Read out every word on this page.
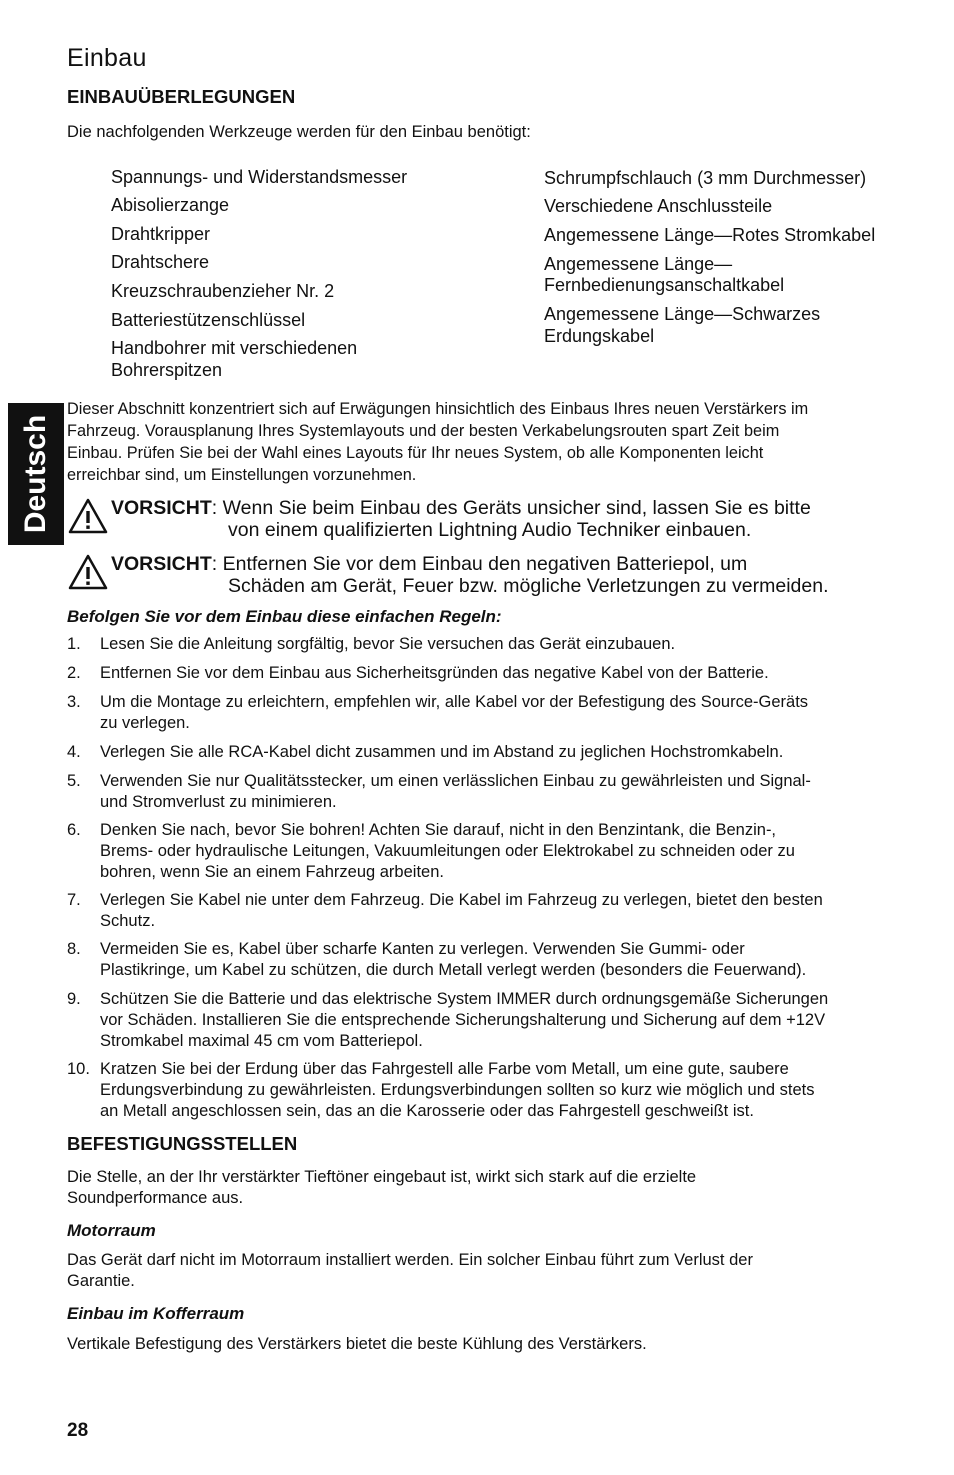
Einbau
Deutsch
EINBAUÜBERLEGUNGEN
Die nachfolgenden Werkzeuge werden für den Einbau benötigt:
Spannungs- und Widerstandsmesser
Abisolierzange
Drahtkripper
Drahtschere
Kreuzschraubenzieher Nr. 2
Batteriestützenschlüssel
Handbohrer mit verschiedenen
Bohrerspitzen
Schrumpfschlauch (3 mm Durchmesser)
Verschiedene Anschlussteile
Angemessene Länge—Rotes Stromkabel
Angemessene Länge—
Fernbedienungsanschaltkabel
Angemessene Länge—Schwarzes
Erdungskabel
Dieser Abschnitt konzentriert sich auf Erwägungen hinsichtlich des Einbaus Ihres neuen Verstärkers im
Fahrzeug. Vorausplanung Ihres Systemlayouts und der besten Verkabelungsrouten spart Zeit beim
Einbau. Prüfen Sie bei der Wahl eines Layouts für Ihr neues System, ob alle Komponenten leicht
erreichbar sind, um Einstellungen vorzunehmen.
VORSICHT: Wenn Sie beim Einbau des Geräts unsicher sind, lassen Sie es bitte
von einem qualifizierten Lightning Audio Techniker einbauen.
VORSICHT: Entfernen Sie vor dem Einbau den negativen Batteriepol, um
Schäden am Gerät, Feuer bzw. mögliche Verletzungen zu vermeiden.
Befolgen Sie vor dem Einbau diese einfachen Regeln:
1. Lesen Sie die Anleitung sorgfältig, bevor Sie versuchen das Gerät einzubauen.
2. Entfernen Sie vor dem Einbau aus Sicherheitsgründen das negative Kabel von der Batterie.
3. Um die Montage zu erleichtern, empfehlen wir, alle Kabel vor der Befestigung des Source-Geräts
zu verlegen.
4. Verlegen Sie alle RCA-Kabel dicht zusammen und im Abstand zu jeglichen Hochstromkabeln.
5. Verwenden Sie nur Qualitätsstecker, um einen verlässlichen Einbau zu gewährleisten und Signal-
und Stromverlust zu minimieren.
6. Denken Sie nach, bevor Sie bohren! Achten Sie darauf, nicht in den Benzintank, die Benzin-,
Brems- oder hydraulische Leitungen, Vakuumleitungen oder Elektrokabel zu schneiden oder zu
bohren, wenn Sie an einem Fahrzeug arbeiten.
7. Verlegen Sie Kabel nie unter dem Fahrzeug. Die Kabel im Fahrzeug zu verlegen, bietet den besten
Schutz.
8. Vermeiden Sie es, Kabel über scharfe Kanten zu verlegen. Verwenden Sie Gummi- oder
Plastikringe, um Kabel zu schützen, die durch Metall verlegt werden (besonders die Feuerwand).
9. Schützen Sie die Batterie und das elektrische System IMMER durch ordnungsgemäße Sicherungen
vor Schäden. Installieren Sie die entsprechende Sicherungshalterung und Sicherung auf dem +12V
Stromkabel maximal 45 cm vom Batteriepol.
10. Kratzen Sie bei der Erdung über das Fahrgestell alle Farbe vom Metall, um eine gute, saubere
Erdungsverbindung zu gewährleisten. Erdungsverbindungen sollten so kurz wie möglich und stets
an Metall angeschlossen sein, das an die Karosserie oder das Fahrgestell geschweißt ist.
BEFESTIGUNGSSTELLEN
Die Stelle, an der Ihr verstärkter Tieftöner eingebaut ist, wirkt sich stark auf die erzielte
Soundperformance aus.
Motorraum
Das Gerät darf nicht im Motorraum installiert werden. Ein solcher Einbau führt zum Verlust der
Garantie.
Einbau im Kofferraum
Vertikale Befestigung des Verstärkers bietet die beste Kühlung des Verstärkers.
28
